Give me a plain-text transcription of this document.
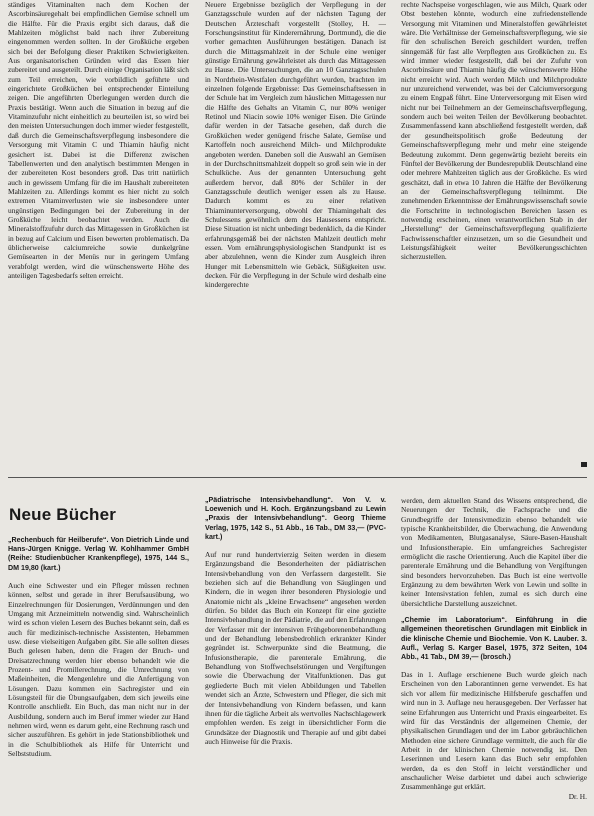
ständiges Vitaminalten nach dem Kochen der Ascorbinsäuregehalt bei empfindlichen Gemüse schnell um die Hälfte. Für die Praxis ergibt sich daraus, daß die Mahlzeiten möglichst bald nach ihrer Zubereitung eingenommen werden sollten. In der Großküche ergeben sich bei der Befolgung dieser Praktiken Schwierigkeiten. Aus organisatorischen Gründen wird das Essen hier zubereitet und ausgeteilt. Durch einige Organisation läßt sich zum Teil erreichen, wie vorbildlich geführte und eingerichtete Großküchen bei entsprechender Einteilung zeigen. Die angeführten Überlegungen werden durch die Praxis bestätigt. Wenn auch die Situation in bezug auf die Vitaminzufuhr nicht einheitlich zu beurteilen ist, so wird bei den meisten Untersuchungen doch immer wieder festgestellt, daß durch die Gemeinschaftsverpflegung insbesondere die Versorgung mit Vitamin C und Thiamin häufig nicht gesichert ist. Dabei ist die Differenz zwischen Tabellenwerten und den analytisch bestimmten Mengen in der zubereiteten Kost besonders groß. Das tritt natürlich auch in gewissem Umfang für die im Haushalt zubereiteten Mahlzeiten zu. Allerdings kommt es hier nicht zu solch extremen Vitaminverlusten wie sie insbesondere unter ungünstigen Bedingungen bei der Zubereitung in der Großküche leicht beobachtet werden. Auch die Mineralstoffzufuhr durch das Mittagessen in Großküchen ist in bezug auf Calcium und Eisen bewerten problematisch. Da üblicherweise calciumreiche sowie dunkelgrüne Gemüsearten in der Menüs nur in geringem Umfang verabfolgt werden, wird die wünschenswerte Höhe des anteiligen Tagesbedarfs selten erreicht.

Neuere Ergebnisse bezüglich der Verpflegung in der Ganztagsschule wurden auf der nächsten Tagung der Deutschen Ärzteschaft vorgestellt (Stolley, H. — Forschungsinstitut für Kinderernährung, Dortmund), die die vorher gemachten Ausführungen bestätigen. Danach ist durch die Mittagsmahlzeit in der Schule eine weniger günstige Ernährung gewährleistet als durch das Mittagessen zu Hause. Die Untersuchungen, die an 10 Ganztagsschulen in Nordrhein-Westfalen durchgeführt wurden, brachten im einzelnen folgende Ergebnisse: Das Gemeinschaftsessen in der Schule hat im Vergleich zum häuslichen Mittagessen nur die Hälfte des Gehalts an Vitamin C, nur 80% weniger Retinol und Niacin sowie 10% weniger Eisen. Die Gründe dafür werden in der Tatsache gesehen, daß durch die Großküchen weder genügend frische Salate, Gemüse und Kartoffeln noch ausreichend Milch- und Milchprodukte angeboten werden. Daneben soll die Auswahl an Gemüsen in der Durchschnittsmahlzeit doppelt so groß sein wie in der Schulküche. Aus der genannten Untersuchung geht außerdem hervor, daß 80% der Schüler in der Ganztagsschule deutlich weniger essen als zu Hause. Dadurch kommt es zu einer relativen Thiaminunterversorgung, obwohl der Thiamingehalt des Schulessens gewöhnlich dem des Hausessens entspricht. Diese Situation ist nicht unbedingt bedenklich, da die Kinder erfahrungsgemäß bei der nächsten Mahlzeit deutlich mehr essen. Vom ernährungsphysiologischen Standpunkt ist es aber abzulehnen, wenn die Kinder zum Ausgleich ihren Hunger mit Lebensmitteln wie Gebäck, Süßigkeiten usw. decken. Für die Verpflegung in der Schule wird deshalb eine kindergerechte

rechte Nachspeise vorgeschlagen, wie aus Milch, Quark oder Obst bestehen könnte, wodurch eine zufriedenstellende Versorgung mit Vitaminen und Mineralstoffen gewährleistet wäre. Die Verhältnisse der Gemeinschaftsverpflegung, wie sie für den schulischen Bereich geschildert wurden, treffen sinngemäß für fast alle Verpflegten aus Großküchen zu. Es wird immer wieder festgestellt, daß bei der Zufuhr von Ascorbinsäure und Thiamin häufig die wünschenswerte Höhe nicht erreicht wird. Auch werden Milch und Milchprodukte nur unzureichend verwendet, was bei der Calciumversorgung zu einem Engpaß führt. Eine Unterversorgung mit Eisen wird nicht nur bei Teilnehmern an der Gemeinschaftsverpflegung, sondern auch bei weiten Teilen der Bevölkerung beobachtet. Zusammenfassend kann abschließend festgestellt werden, daß der gesundheitspolitisch große Bedeutung der Gemeinschaftsverpflegung mehr und mehr eine steigende Bedeutung zukommt. Denn gegenwärtig bezieht bereits ein Fünftel der Bevölkerung der Bundesrepublik Deutschland eine oder mehrere Mahlzeiten täglich aus der Großküche. Es wird geschätzt, daß in etwa 10 Jahren die Hälfte der Bevölkerung an der Gemeinschaftsverpflegung teilnimmt. Die zunehmenden Erkenntnisse der Ernährungswissenschaft sowie die Fortschritte in technologischen Bereichen lassen es notwendig erscheinen, einen verantwortlichen Stab in der „Herstellung“ der Gemeinschaftsverpflegung qualifizierte Fachwissenschaftler einzusetzen, um so die Gesundheit und Leistungsfähigkeit weiter Bevölkerungsschichten sicherzustellen.

Neue Bücher

„Rechenbuch für Heilberufe“. Von Dietrich Linde und Hans-Jürgen Knigge. Verlag W. Kohlhammer GmbH (Reihe: Studienbücher Krankenpflege), 1975, 144 S., DM 19,80 (kart.)

Auch eine Schwester und ein Pfleger müssen rechnen können, selbst und gerade in ihrer Berufsausübung, wo Einzelrechnungen für Dosierungen, Verdünnungen und den Umgang mit Arzneimitteln notwendig sind. Wahrscheinlich wird es schon vielen Lesern des Buches bekannt sein, daß es auch für medizinisch-technische Assistenten, Hebammen usw. diese vielseitigen Aufgaben gibt. Sie alle sollten dieses Buch gelesen haben, denn die Fragen der Bruch- und Dreisatzrechnung werden hier ebenso behandelt wie die Prozent- und Promillerechnung, die Umrechnung von Maßeinheiten, die Mengenlehre und die Anfertigung von Lösungen. Dazu kommen ein Sachregister und ein Lösungsteil für die Übungsaufgaben, dem sich jeweils eine Kontrolle anschließt. Ein Buch, das man nicht nur in der Ausbildung, sondern auch im Beruf immer wieder zur Hand nehmen wird, wenn es darum geht, eine Rechnung rasch und sicher auszuführen. Es gehört in jede Stationsbibliothek und in die Schulbibliothek als Hilfe für Unterricht und Selbststudium.

„Pädiatrische Intensivbehandlung“. Von V. v. Loewenich und H. Koch. Ergänzungsband zu Lewin „Praxis der Intensivbehandlung“. Georg Thieme Verlag, 1975, 142 S., 51 Abb., 16 Tab., DM 33,— (PVC-kart.)

Auf nur rund hundertvierzig Seiten werden in diesem Ergänzungsband die Besonderheiten der pädiatrischen Intensivbehandlung von den Verfassern dargestellt. Sie beziehen sich auf die Behandlung von Säuglingen und Kindern, die in wegen ihrer besonderen Physiologie und Anatomie nicht als „kleine Erwachsene“ angesehen werden dürfen. So bildet das Buch ein Konzept für eine gezielte Intensivbehandlung in der Pädiatrie, die auf den Erfahrungen der Verfasser mit der intensiven Frühgeborenenbehandlung und der Behandlung lebensbedrohlich erkrankter Kinder gegründet ist. Schwerpunkte sind die Beatmung, die Infusionstherapie, die parenterale Ernährung, die Behandlung von Stoffwechselstörungen und Vergiftungen sowie die Überwachung der Vitalfunktionen. Das gut gegliederte Buch mit vielen Abbildungen und Tabellen wendet sich an Ärzte, Schwestern und Pfleger, die sich mit der Intensivbehandlung von Kindern befassen, und kann ihnen für die tägliche Arbeit als wertvolles Nachschlagewerk empfohlen werden. Es zeigt in übersichtlicher Form die Grundsätze der Diagnostik und Therapie auf und gibt dabei auch Hinweise für die Praxis.

werden, dem aktuellen Stand des Wissens entsprechend, die Neuerungen der Technik, die Fachsprache und die Grundbegriffe der Intensivmedizin ebenso behandelt wie typische Krankheitsbilder, die Überwachung, die Anwendung von Medikamenten, Blutgasanalyse, Säure-Basen-Haushalt und Infusionstherapie. Ein umfangreiches Sachregister ermöglicht die rasche Orientierung. Auch die Kapitel über die parenterale Ernährung und die Behandlung von Vergiftungen sind besonders hervorzuheben. Das Buch ist eine wertvolle Ergänzung zu dem bewährten Werk von Lewin und sollte in keiner Intensivstation fehlen, zumal es sich durch eine übersichtliche Darstellung auszeichnet.

„Chemie im Laboratorium“. Einführung in die allgemeinen theoretischen Grundlagen mit Einblick in die klinische Chemie und Biochemie. Von K. Lauber. 3. Aufl., Verlag S. Karger Basel, 1975, 372 Seiten, 104 Abb., 41 Tab., DM 39,— (brosch.)

Das in 1. Auflage erschienene Buch wurde gleich nach Erscheinen von den Laborantinnen gerne verwendet. Es hat sich vor allem für medizinische Hilfsberufe geschaffen und wird nun in 3. Auflage neu herausgegeben. Der Verfasser hat seine Erfahrungen aus Unterricht und Praxis eingearbeitet. Es wird für das Verständnis der allgemeinen Chemie, der physikalischen Grundlagen und der im Labor gebräuchlichen Methoden eine sichere Grundlage vermittelt, die auch für die Arbeit in der klinischen Chemie notwendig ist. Den Leserinnen und Lesern kann das Buch sehr empfohlen werden, da es den Stoff in leicht verständlicher und anschaulicher Weise darbietet und dabei auch schwierige Zusammenhänge gut erklärt.

Dr. H.
